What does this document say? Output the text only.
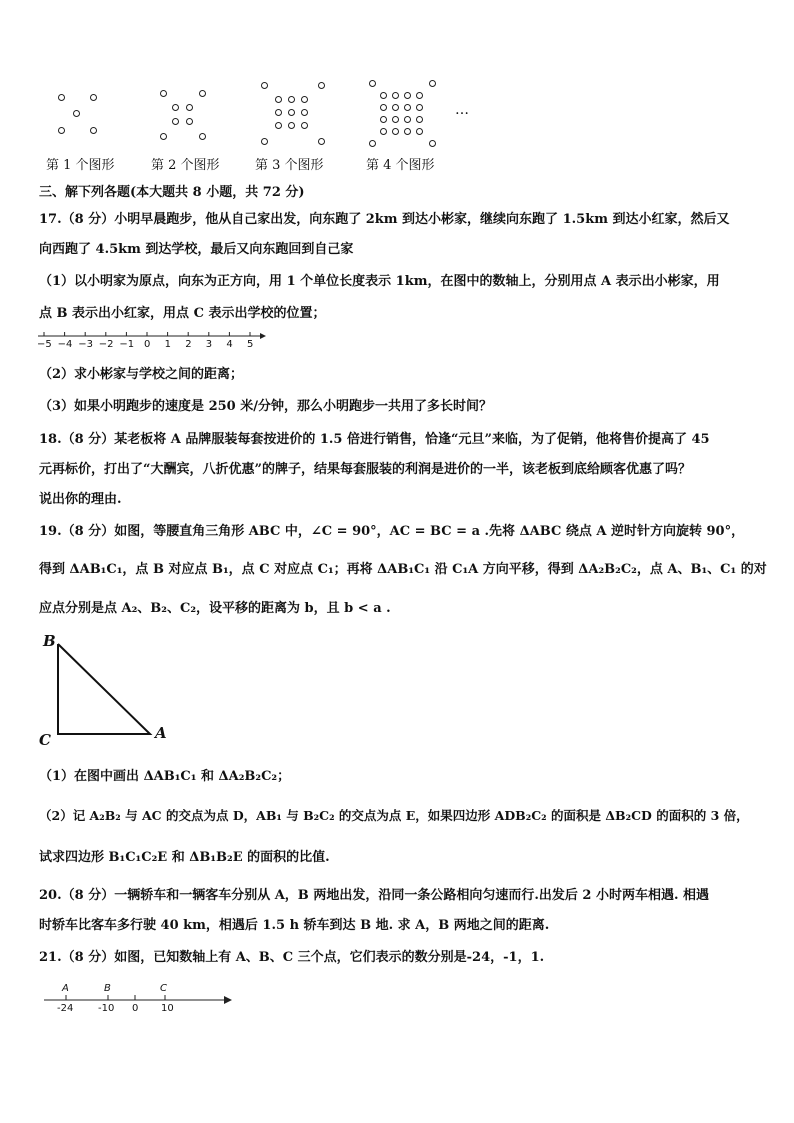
…
第 1 个图形	第 2 个图形	第 3 个图形	第 4 个图形
三、解下列各题(本大题共 8 小题，共 72 分)
17.（8 分）小明早晨跑步，他从自己家出发，向东跑了 2km 到达小彬家，继续向东跑了 1.5km 到达小红家，然后又
向西跑了 4.5km 到达学校，最后又向东跑回到自己家
（1）以小明家为原点，向东为正方向，用 1 个单位长度表示 1km，在图中的数轴上，分别用点 A 表示出小彬家，用
点 B 表示出小红家，用点 C 表示出学校的位置；
−5 −4 −3 −2 −1 0 1 2 3 4 5
（2）求小彬家与学校之间的距离；
（3）如果小明跑步的速度是 250 米/分钟，那么小明跑步一共用了多长时间？
18.（8 分）某老板将 A 品牌服装每套按进价的 1.5 倍进行销售，恰逢“元旦”来临，为了促销，他将售价提高了 45
元再标价，打出了“大酬宾，八折优惠”的牌子，结果每套服装的利润是进价的一半，该老板到底给顾客优惠了吗？
说出你的理由.
19.（8 分）如图，等腰直角三角形 ABC 中，∠C = 90°，AC = BC = a .先将 ΔABC 绕点 A 逆时针方向旋转 90°，
得到 ΔAB₁C₁，点 B 对应点 B₁，点 C 对应点 C₁；再将 ΔAB₁C₁ 沿 C₁A 方向平移，得到 ΔA₂B₂C₂，点 A、B₁、C₁ 的对
应点分别是点 A₂、B₂、C₂，设平移的距离为 b，且 b < a .
B
C	A
（1）在图中画出 ΔAB₁C₁ 和 ΔA₂B₂C₂；
（2）记 A₂B₂ 与 AC 的交点为点 D，AB₁ 与 B₂C₂ 的交点为点 E，如果四边形 ADB₂C₂ 的面积是 ΔB₂CD 的面积的 3 倍，
试求四边形 B₁C₁C₂E 和 ΔB₁B₂E 的面积的比值.
20.（8 分）一辆轿车和一辆客车分别从 A，B 两地出发，沿同一条公路相向匀速而行.出发后 2 小时两车相遇. 相遇
时轿车比客车多行驶 40 km，相遇后 1.5 h 轿车到达 B 地. 求 A，B 两地之间的距离.
21.（8 分）如图，已知数轴上有 A、B、C 三个点，它们表示的数分别是-24，-1，1.
A	B	C
-24 -10 0 10
